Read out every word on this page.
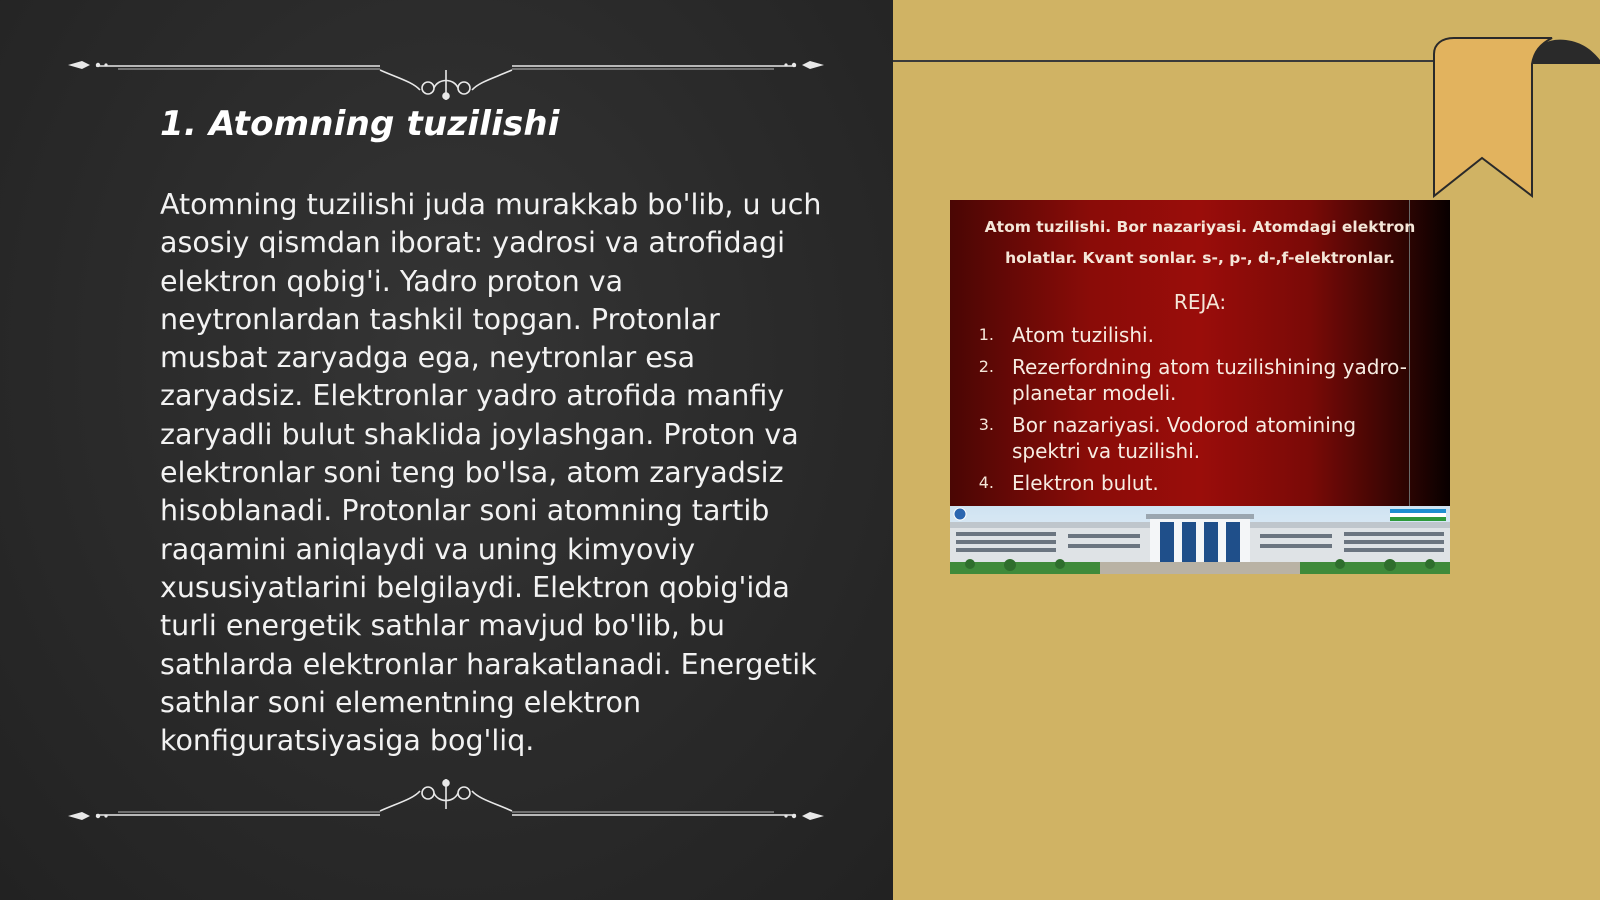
1. Atomning tuzilishi

Atomning tuzilishi juda murakkab bo'lib, u uch asosiy qismdan iborat: yadrosi va atrofidagi elektron qobig'i. Yadro proton va neytronlardan tashkil topgan. Protonlar musbat zaryadga ega, neytronlar esa zaryadsiz. Elektronlar yadro atrofida manfiy zaryadli bulut shaklida joylashgan. Proton va elektronlar soni teng bo'lsa, atom zaryadsiz hisoblanadi. Protonlar soni atomning tartib raqamini aniqlaydi va uning kimyoviy xususiyatlarini belgilaydi. Elektron qobig'ida turli energetik sathlar mavjud bo'lib, bu sathlarda elektronlar harakatlanadi. Energetik sathlar soni elementning elektron konfiguratsiyasiga bog'liq.

Atom tuzilishi. Bor nazariyasi. Atomdagi elektron holatlar. Kvant sonlar. s-, p-, d-,f-elektronlar.

REJA:

1. Atom tuzilishi.
2. Rezerfordning atom tuzilishining yadro-planetar modeli.
3. Bor nazariyasi. Vodorod atomining spektri va tuzilishi.
4. Elektron bulut.
